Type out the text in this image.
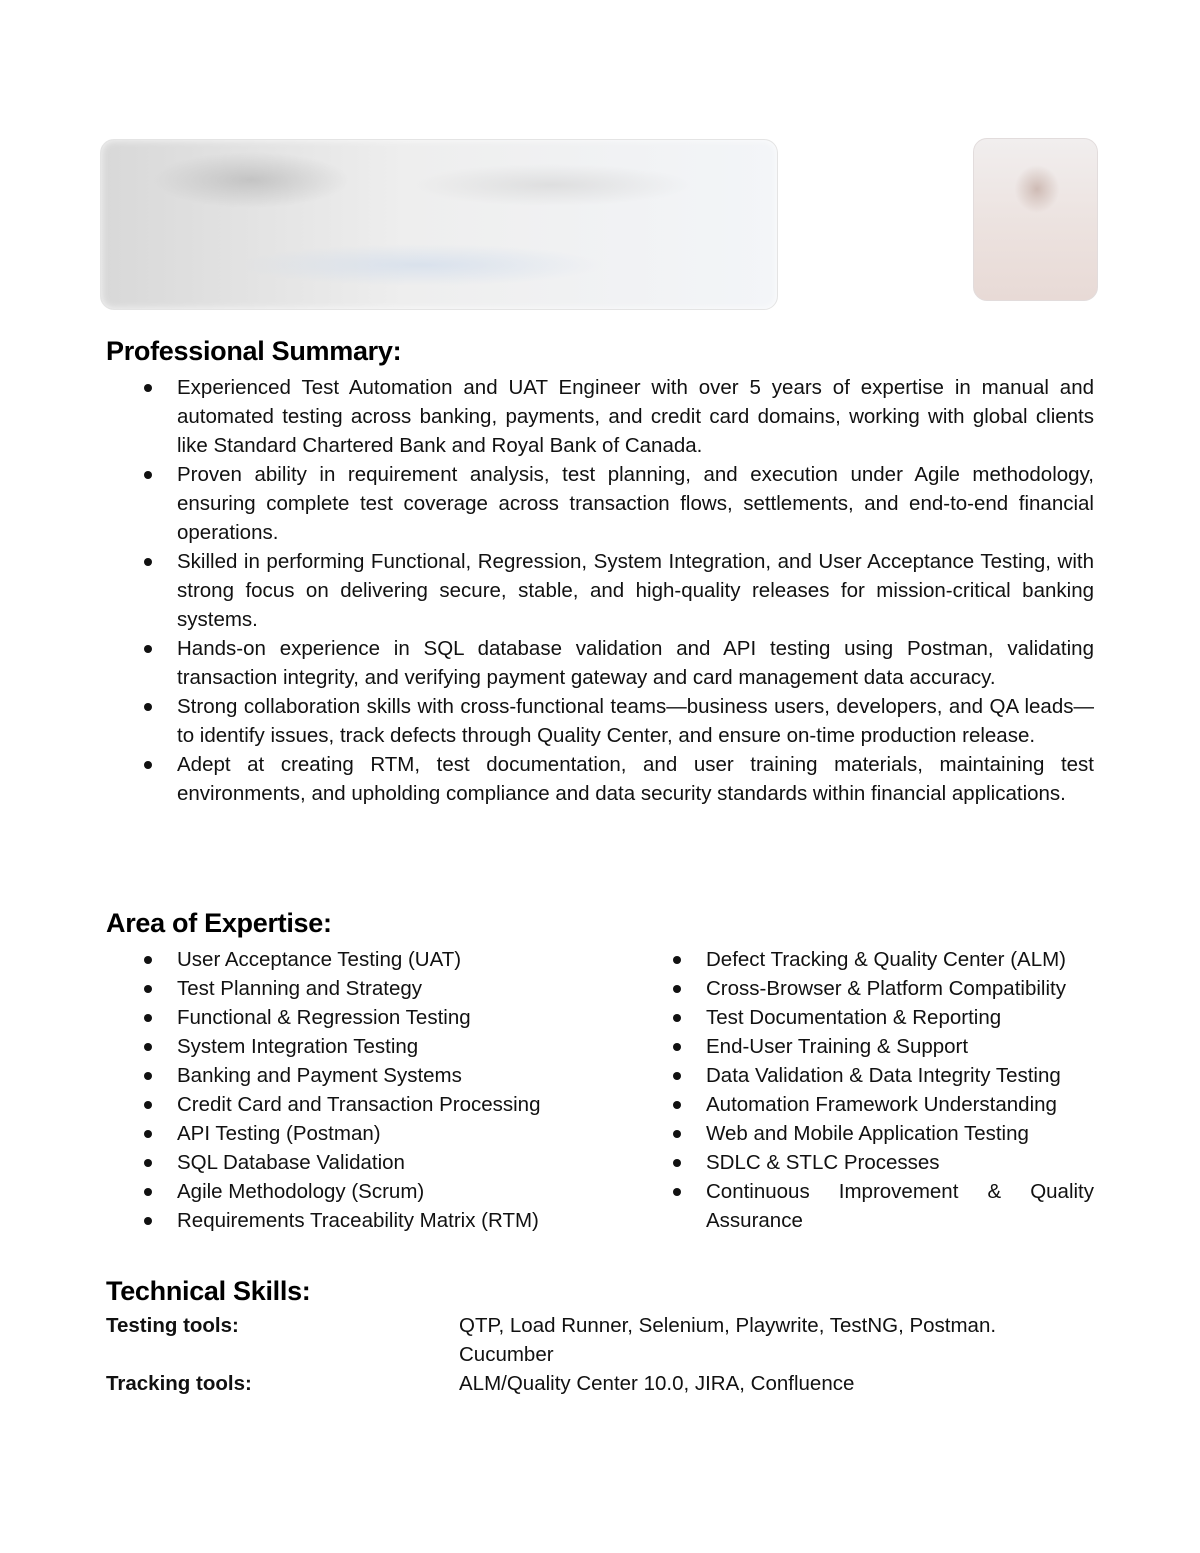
Professional Summary:
Experienced Test Automation and UAT Engineer with over 5 years of expertise in manual and automated testing across banking, payments, and credit card domains, working with global clients like Standard Chartered Bank and Royal Bank of Canada.
Proven ability in requirement analysis, test planning, and execution under Agile methodology, ensuring complete test coverage across transaction flows, settlements, and end-to-end financial operations.
Skilled in performing Functional, Regression, System Integration, and User Acceptance Testing, with strong focus on delivering secure, stable, and high-quality releases for mission-critical banking systems.
Hands-on experience in SQL database validation and API testing using Postman, validating transaction integrity, and verifying payment gateway and card management data accuracy.
Strong collaboration skills with cross-functional teams—business users, developers, and QA leads—to identify issues, track defects through Quality Center, and ensure on-time production release.
Adept at creating RTM, test documentation, and user training materials, maintaining test environments, and upholding compliance and data security standards within financial applications.
Area of Expertise:
User Acceptance Testing (UAT)
Test Planning and Strategy
Functional & Regression Testing
System Integration Testing
Banking and Payment Systems
Credit Card and Transaction Processing
API Testing (Postman)
SQL Database Validation
Agile Methodology (Scrum)
Requirements Traceability Matrix (RTM)
Defect Tracking & Quality Center (ALM)
Cross-Browser & Platform Compatibility
Test Documentation & Reporting
End-User Training & Support
Data Validation & Data Integrity Testing
Automation Framework Understanding
Web and Mobile Application Testing
SDLC & STLC Processes
Continuous Improvement & Quality Assurance
Technical Skills:
Testing tools:	QTP, Load Runner, Selenium, Playwrite, TestNG, Postman. Cucumber
Tracking tools:	ALM/Quality Center 10.0, JIRA, Confluence
